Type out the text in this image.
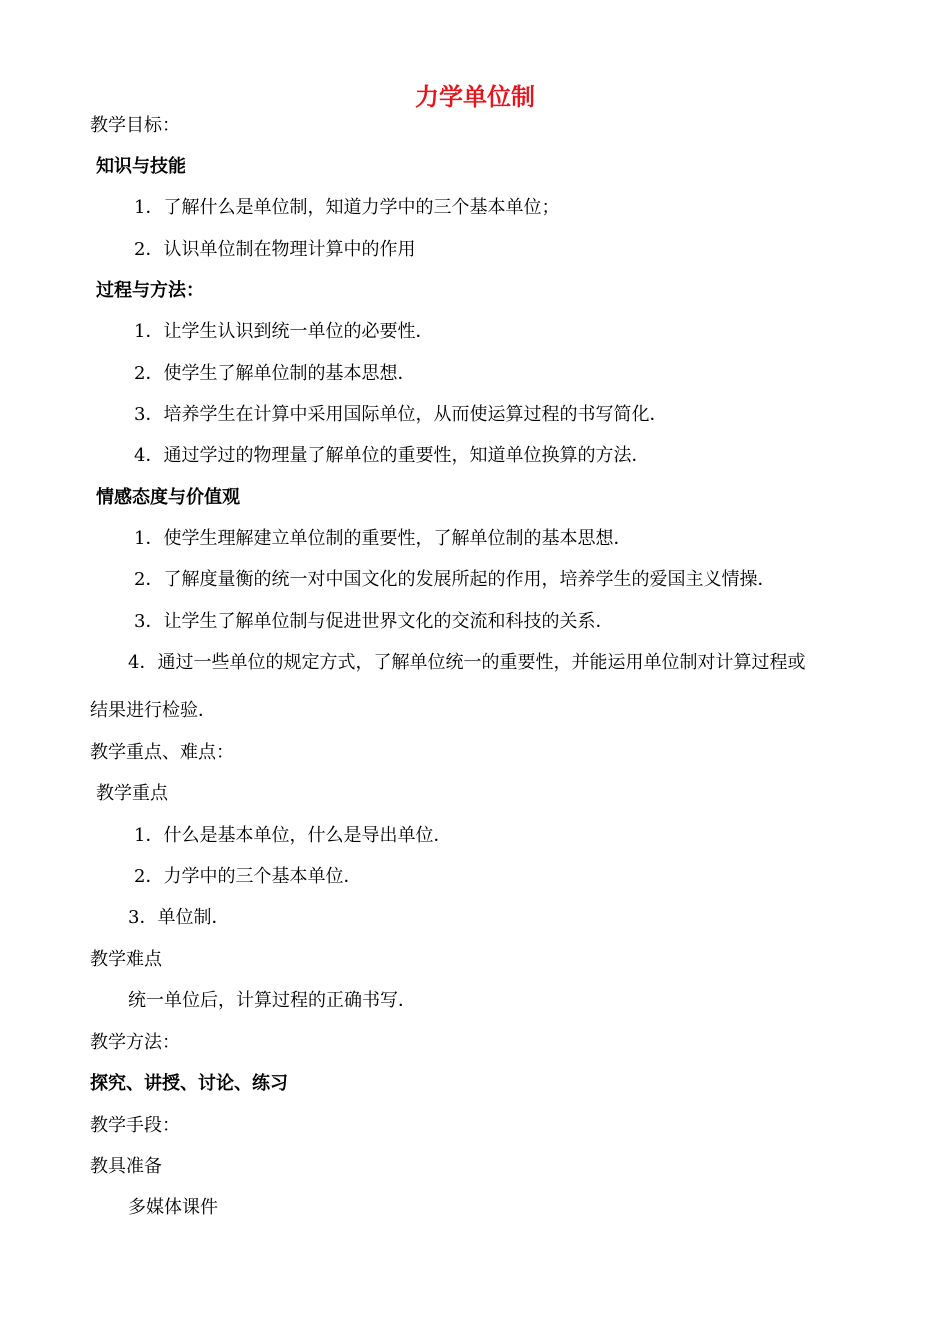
力学单位制
教学目标：
知识与技能
1．了解什么是单位制，知道力学中的三个基本单位；
2．认识单位制在物理计算中的作用
过程与方法：
1．让学生认识到统一单位的必要性．
2．使学生了解单位制的基本思想．
3．培养学生在计算中采用国际单位，从而使运算过程的书写简化．
4．通过学过的物理量了解单位的重要性，知道单位换算的方法．
情感态度与价值观
1．使学生理解建立单位制的重要性，了解单位制的基本思想．
2．了解度量衡的统一对中国文化的发展所起的作用，培养学生的爱国主义情操．
3．让学生了解单位制与促进世界文化的交流和科技的关系．
4．通过一些单位的规定方式，了解单位统一的重要性，并能运用单位制对计算过程或
结果进行检验．
教学重点、难点：
教学重点
1．什么是基本单位，什么是导出单位．
2．力学中的三个基本单位．
3．单位制．
教学难点
统一单位后，计算过程的正确书写．
教学方法：
探究、讲授、讨论、练习
教学手段：
教具准备
多媒体课件
